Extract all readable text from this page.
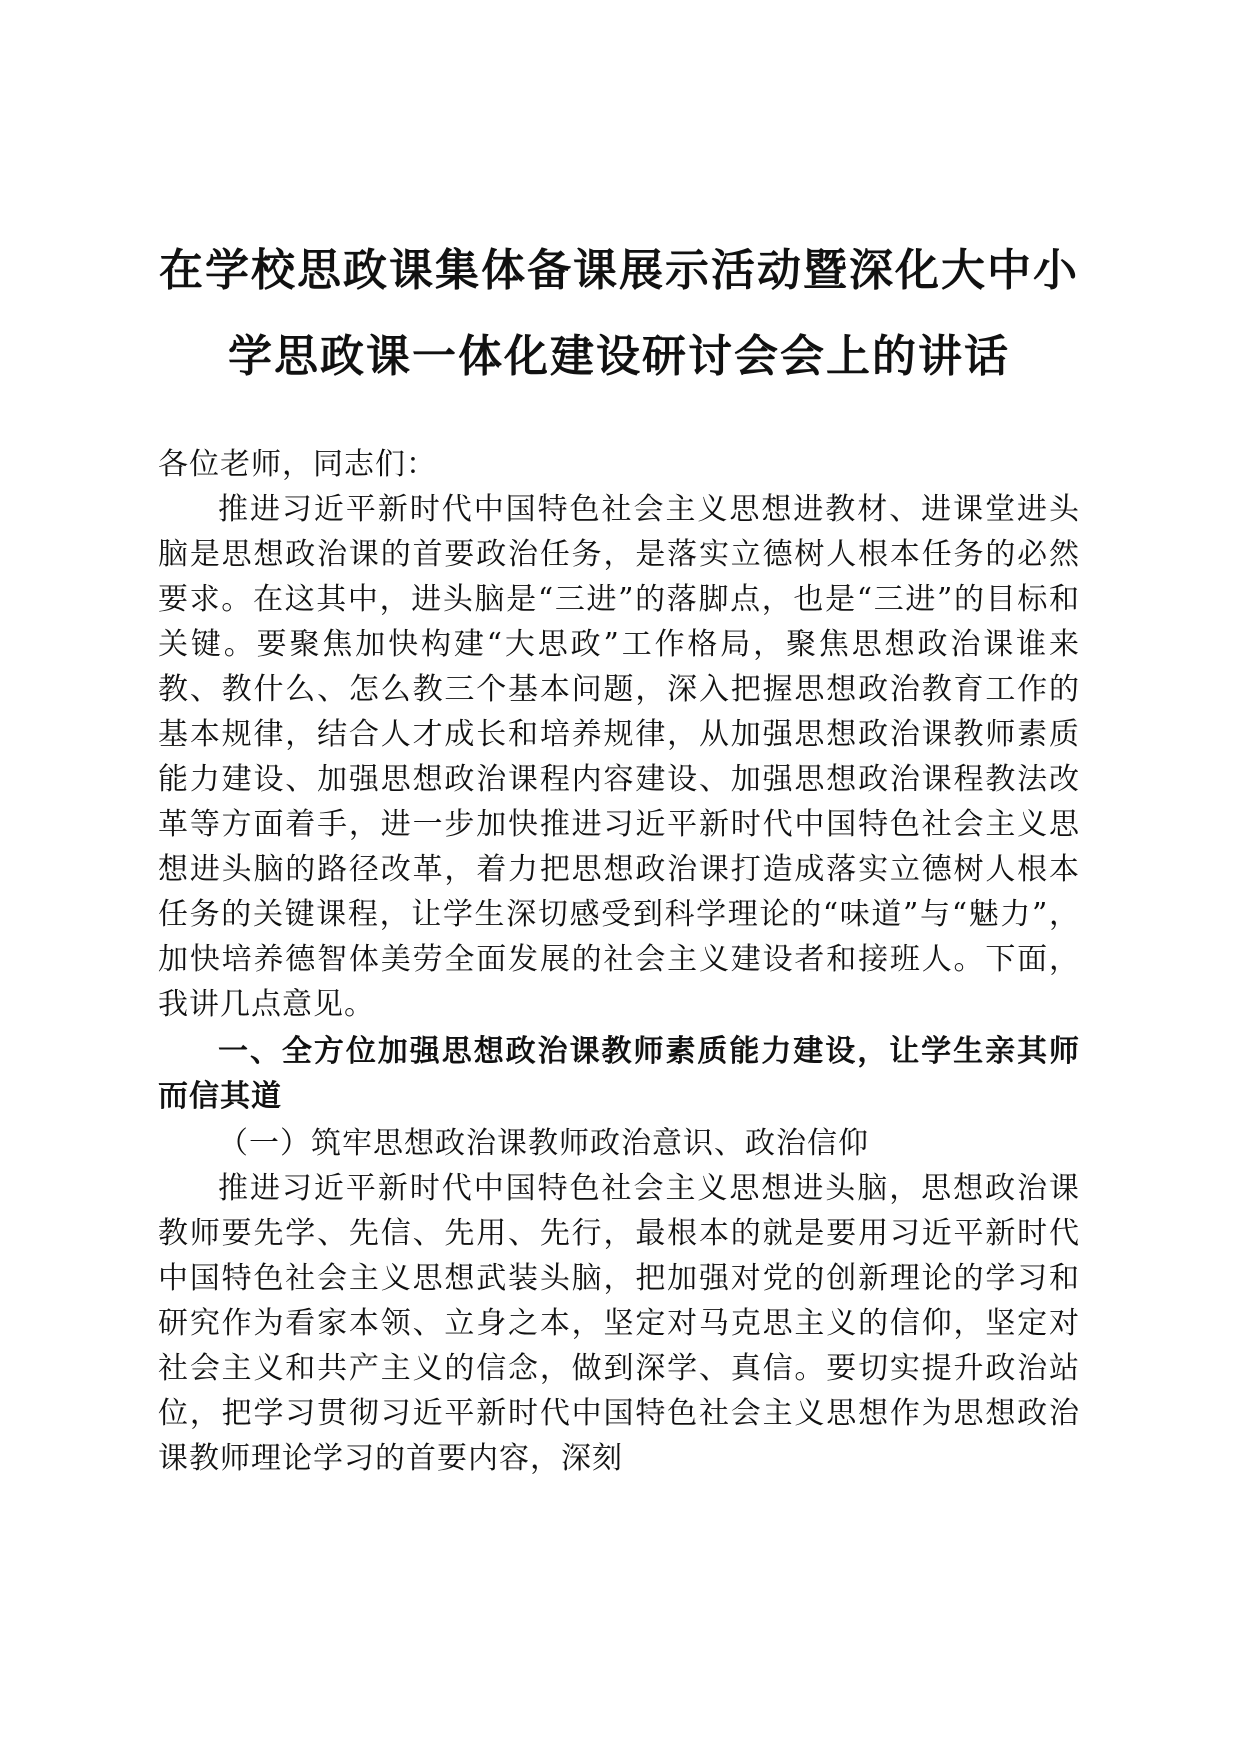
在学校思政课集体备课展示活动暨深化大中小
学思政课一体化建设研讨会会上的讲话

各位老师，同志们：

推进习近平新时代中国特色社会主义思想进教材、进课堂进头脑是思想政治课的首要政治任务，是落实立德树人根本任务的必然要求。在这其中，进头脑是“三进”的落脚点，也是“三进”的目标和关键。要聚焦加快构建“大思政”工作格局，聚焦思想政治课谁来教、教什么、怎么教三个基本问题，深入把握思想政治教育工作的基本规律，结合人才成长和培养规律，从加强思想政治课教师素质能力建设、加强思想政治课程内容建设、加强思想政治课程教法改革等方面着手，进一步加快推进习近平新时代中国特色社会主义思想进头脑的路径改革，着力把思想政治课打造成落实立德树人根本任务的关键课程，让学生深切感受到科学理论的“味道”与“魅力”，加快培养德智体美劳全面发展的社会主义建设者和接班人。下面，我讲几点意见。

一、全方位加强思想政治课教师素质能力建设，让学生亲其师而信其道

（一）筑牢思想政治课教师政治意识、政治信仰

推进习近平新时代中国特色社会主义思想进头脑，思想政治课教师要先学、先信、先用、先行，最根本的就是要用习近平新时代中国特色社会主义思想武装头脑，把加强对党的创新理论的学习和研究作为看家本领、立身之本，坚定对马克思主义的信仰，坚定对社会主义和共产主义的信念，做到深学、真信。要切实提升政治站位，把学习贯彻习近平新时代中国特色社会主义思想作为思想政治课教师理论学习的首要内容，深刻
